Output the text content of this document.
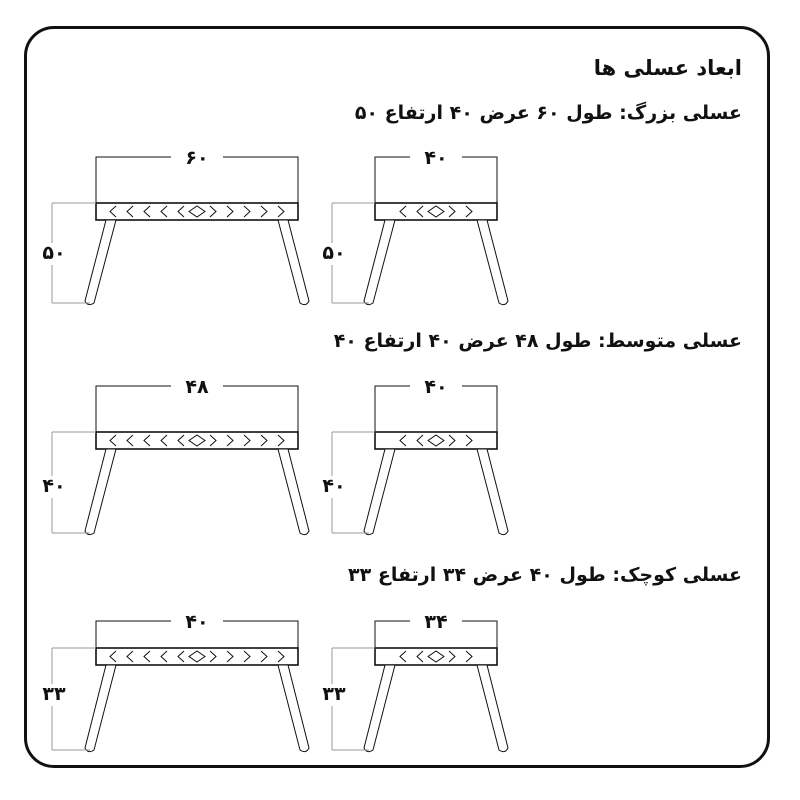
ابعاد عسلی ها
عسلی بزرگ: طول ۶۰ عرض ۴۰ ارتفاع ۵۰
عسلی متوسط: طول ۴۸ عرض ۴۰ ارتفاع ۴۰
عسلی کوچک: طول ۴۰ عرض ۳۴ ارتفاع ۳۳
۶۰
۵۰
۴۰
۵۰
۴۸
۴۰
۴۰
۴۰
۴۰
۳۳
۳۴
۳۳
